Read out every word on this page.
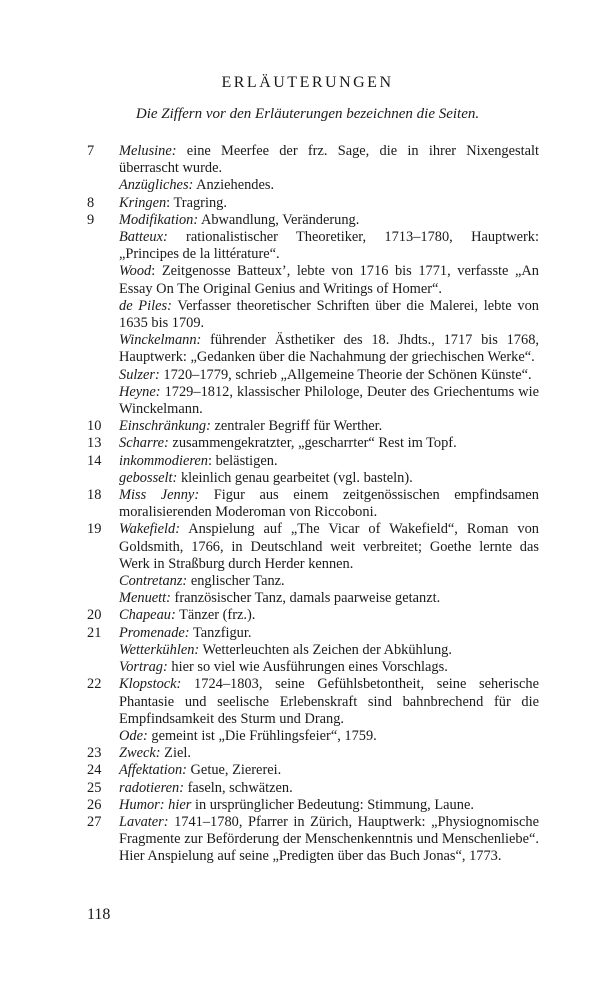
ERLÄUTERUNGEN
Die Ziffern vor den Erläuterungen bezeichnen die Seiten.
7	Melusine: eine Meerfee der frz. Sage, die in ihrer Nixengestalt überrascht wurde.
Anzügliches: Anziehendes.
8	Kringen: Tragring.
9	Modifikation: Abwandlung, Veränderung.
Batteux: rationalistischer Theoretiker, 1713–1780, Hauptwerk: „Principes de la littérature“.
Wood: Zeitgenosse Batteux’, lebte von 1716 bis 1771, verfasste „An Essay On The Original Genius and Writings of Homer“.
de Piles: Verfasser theoretischer Schriften über die Malerei, lebte von 1635 bis 1709.
Winckelmann: führender Ästhetiker des 18. Jhdts., 1717 bis 1768, Hauptwerk: „Gedanken über die Nachahmung der griechischen Werke“.
Sulzer: 1720–1779, schrieb „Allgemeine Theorie der Schönen Künste“.
Heyne: 1729–1812, klassischer Philologe, Deuter des Griechentums wie Winckelmann.
10	Einschränkung: zentraler Begriff für Werther.
13	Scharre: zusammengekratzter, „gescharrter“ Rest im Topf.
14	inkommodieren: belästigen.
gebosselt: kleinlich genau gearbeitet (vgl. basteln).
18	Miss Jenny: Figur aus einem zeitgenössischen empfindsamen moralisierenden Moderoman von Riccoboni.
19	Wakefield: Anspielung auf „The Vicar of Wakefield“, Roman von Goldsmith, 1766, in Deutschland weit verbreitet; Goethe lernte das Werk in Straßburg durch Herder kennen.
Contretanz: englischer Tanz.
Menuett: französischer Tanz, damals paarweise getanzt.
20	Chapeau: Tänzer (frz.).
21	Promenade: Tanzfigur.
Wetterkühlen: Wetterleuchten als Zeichen der Abkühlung.
Vortrag: hier so viel wie Ausführungen eines Vorschlags.
22	Klopstock: 1724–1803, seine Gefühlsbetontheit, seine seherische Phantasie und seelische Erlebenskraft sind bahnbrechend für die Empfindsamkeit des Sturm und Drang.
Ode: gemeint ist „Die Frühlingsfeier“, 1759.
23	Zweck: Ziel.
24	Affektation: Getue, Ziererei.
25	radotieren: faseln, schwätzen.
26	Humor: hier in ursprünglicher Bedeutung: Stimmung, Laune.
27	Lavater: 1741–1780, Pfarrer in Zürich, Hauptwerk: „Physiognomische Fragmente zur Beförderung der Menschenkenntnis und Menschenliebe“. Hier Anspielung auf seine „Predigten über das Buch Jonas“, 1773.
118
